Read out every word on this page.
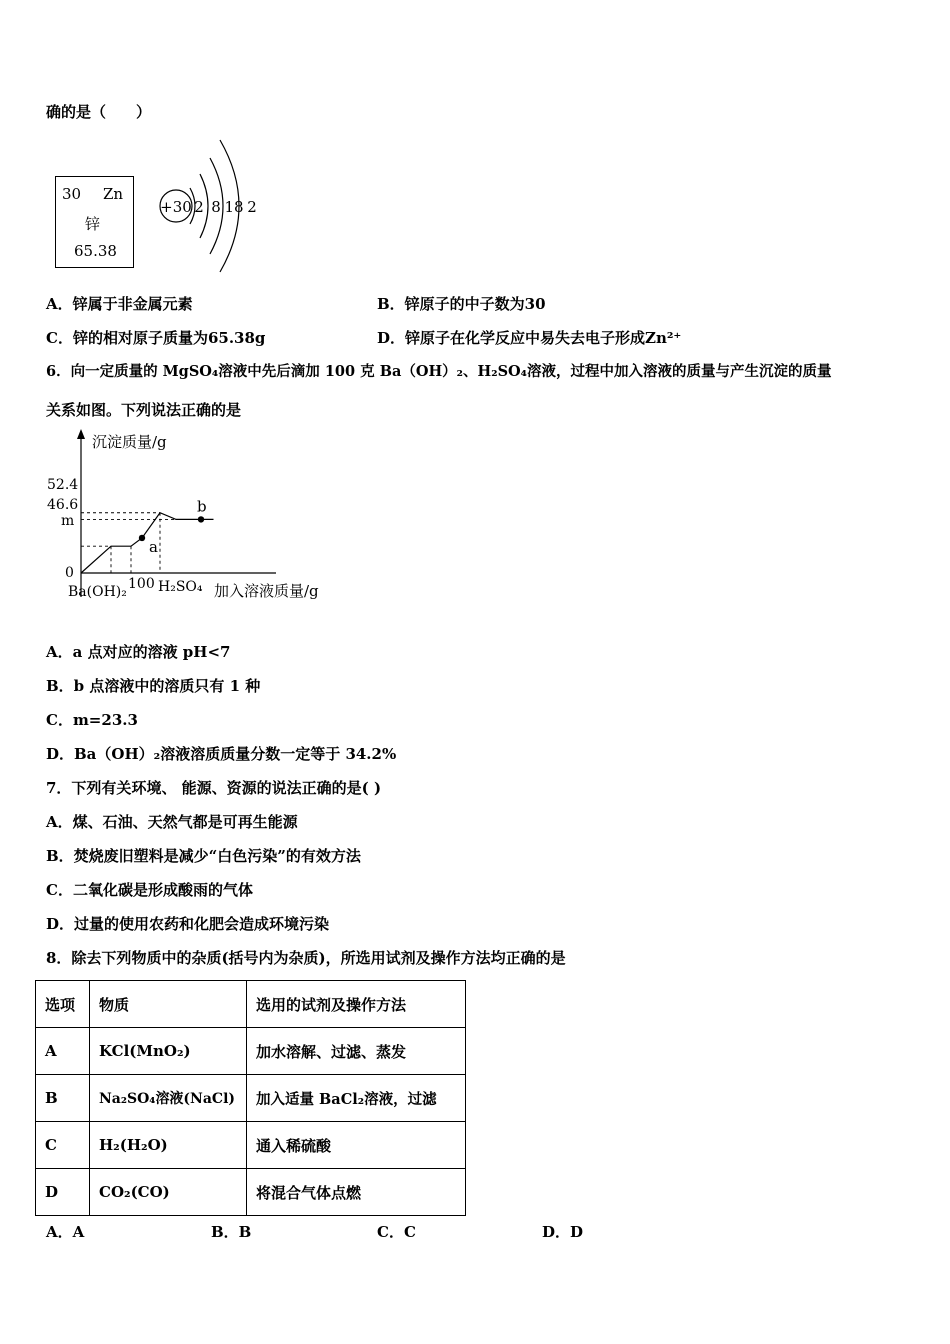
确的是（　　）
30 Zn
锌
65.38
+30 2 8 18 2
A．锌属于非金属元素	B．锌原子的中子数为30
C．锌的相对原子质量为65.38g	D．锌原子在化学反应中易失去电子形成Zn²⁺
6．向一定质量的 MgSO₄溶液中先后滴加 100 克 Ba（OH）₂、H₂SO₄溶液，过程中加入溶液的质量与产生沉淀的质量
关系如图。下列说法正确的是
沉淀质量/g
加入溶液质量/g
52.4
46.6
m
0
Ba(OH)₂ 100 H₂SO₄
a
b
A．a 点对应的溶液 pH<7
B．b 点溶液中的溶质只有 1 种
C．m=23.3
D．Ba（OH）₂溶液溶质质量分数一定等于 34.2%
7．下列有关环境、 能源、资源的说法正确的是( )
A．煤、石油、天然气都是可再生能源
B．焚烧废旧塑料是减少“白色污染”的有效方法
C．二氧化碳是形成酸雨的气体
D．过量的使用农药和化肥会造成环境污染
8．除去下列物质中的杂质(括号内为杂质)，所选用试剂及操作方法均正确的是
选项	物质	选用的试剂及操作方法
A	KCl(MnO₂)	加水溶解、过滤、蒸发
B	Na₂SO₄溶液(NaCl)	加入适量 BaCl₂溶液，过滤
C	H₂(H₂O)	通入稀硫酸
D	CO₂(CO)	将混合气体点燃
A．A	B．B	C．C	D．D
